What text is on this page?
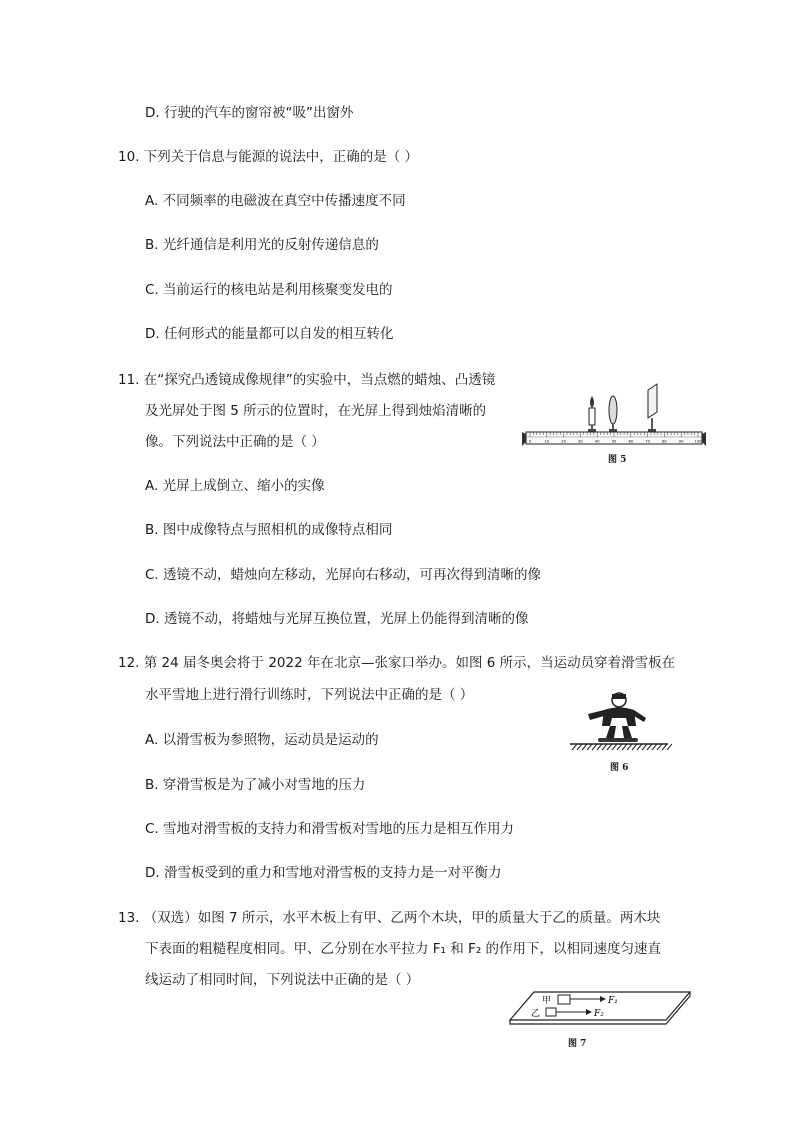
D. 行驶的汽车的窗帘被“吸”出窗外
10. 下列关于信息与能源的说法中，正确的是（ ）
A. 不同频率的电磁波在真空中传播速度不同
B. 光纤通信是利用光的反射传递信息的
C. 当前运行的核电站是利用核聚变发电的
D. 任何形式的能量都可以自发的相互转化
11. 在“探究凸透镜成像规律”的实验中，当点燃的蜡烛、凸透镜
及光屏处于图 5 所示的位置时，在光屏上得到烛焰清晰的
像。下列说法中正确的是（ ）	0	10	20	30	40	50	60	70	80	90	100
图 5
A. 光屏上成倒立、缩小的实像
B. 图中成像特点与照相机的成像特点相同
C. 透镜不动，蜡烛向左移动，光屏向右移动，可再次得到清晰的像
D. 透镜不动，将蜡烛与光屏互换位置，光屏上仍能得到清晰的像
12. 第 24 届冬奥会将于 2022 年在北京—张家口举办。如图 6 所示，当运动员穿着滑雪板在
水平雪地上进行滑行训练时，下列说法中正确的是（ ）
图 6
A. 以滑雪板为参照物，运动员是运动的
B. 穿滑雪板是为了减小对雪地的压力
C. 雪地对滑雪板的支持力和滑雪板对雪地的压力是相互作用力
D. 滑雪板受到的重力和雪地对滑雪板的支持力是一对平衡力
13. （双选）如图 7 所示，水平木板上有甲、乙两个木块，甲的质量大于乙的质量。两木块
下表面的粗糙程度相同。甲、乙分别在水平拉力 F₁ 和 F₂ 的作用下，以相同速度匀速直
线运动了相同时间，下列说法中正确的是（ ）
甲
乙
F₁
F₂
图 7
